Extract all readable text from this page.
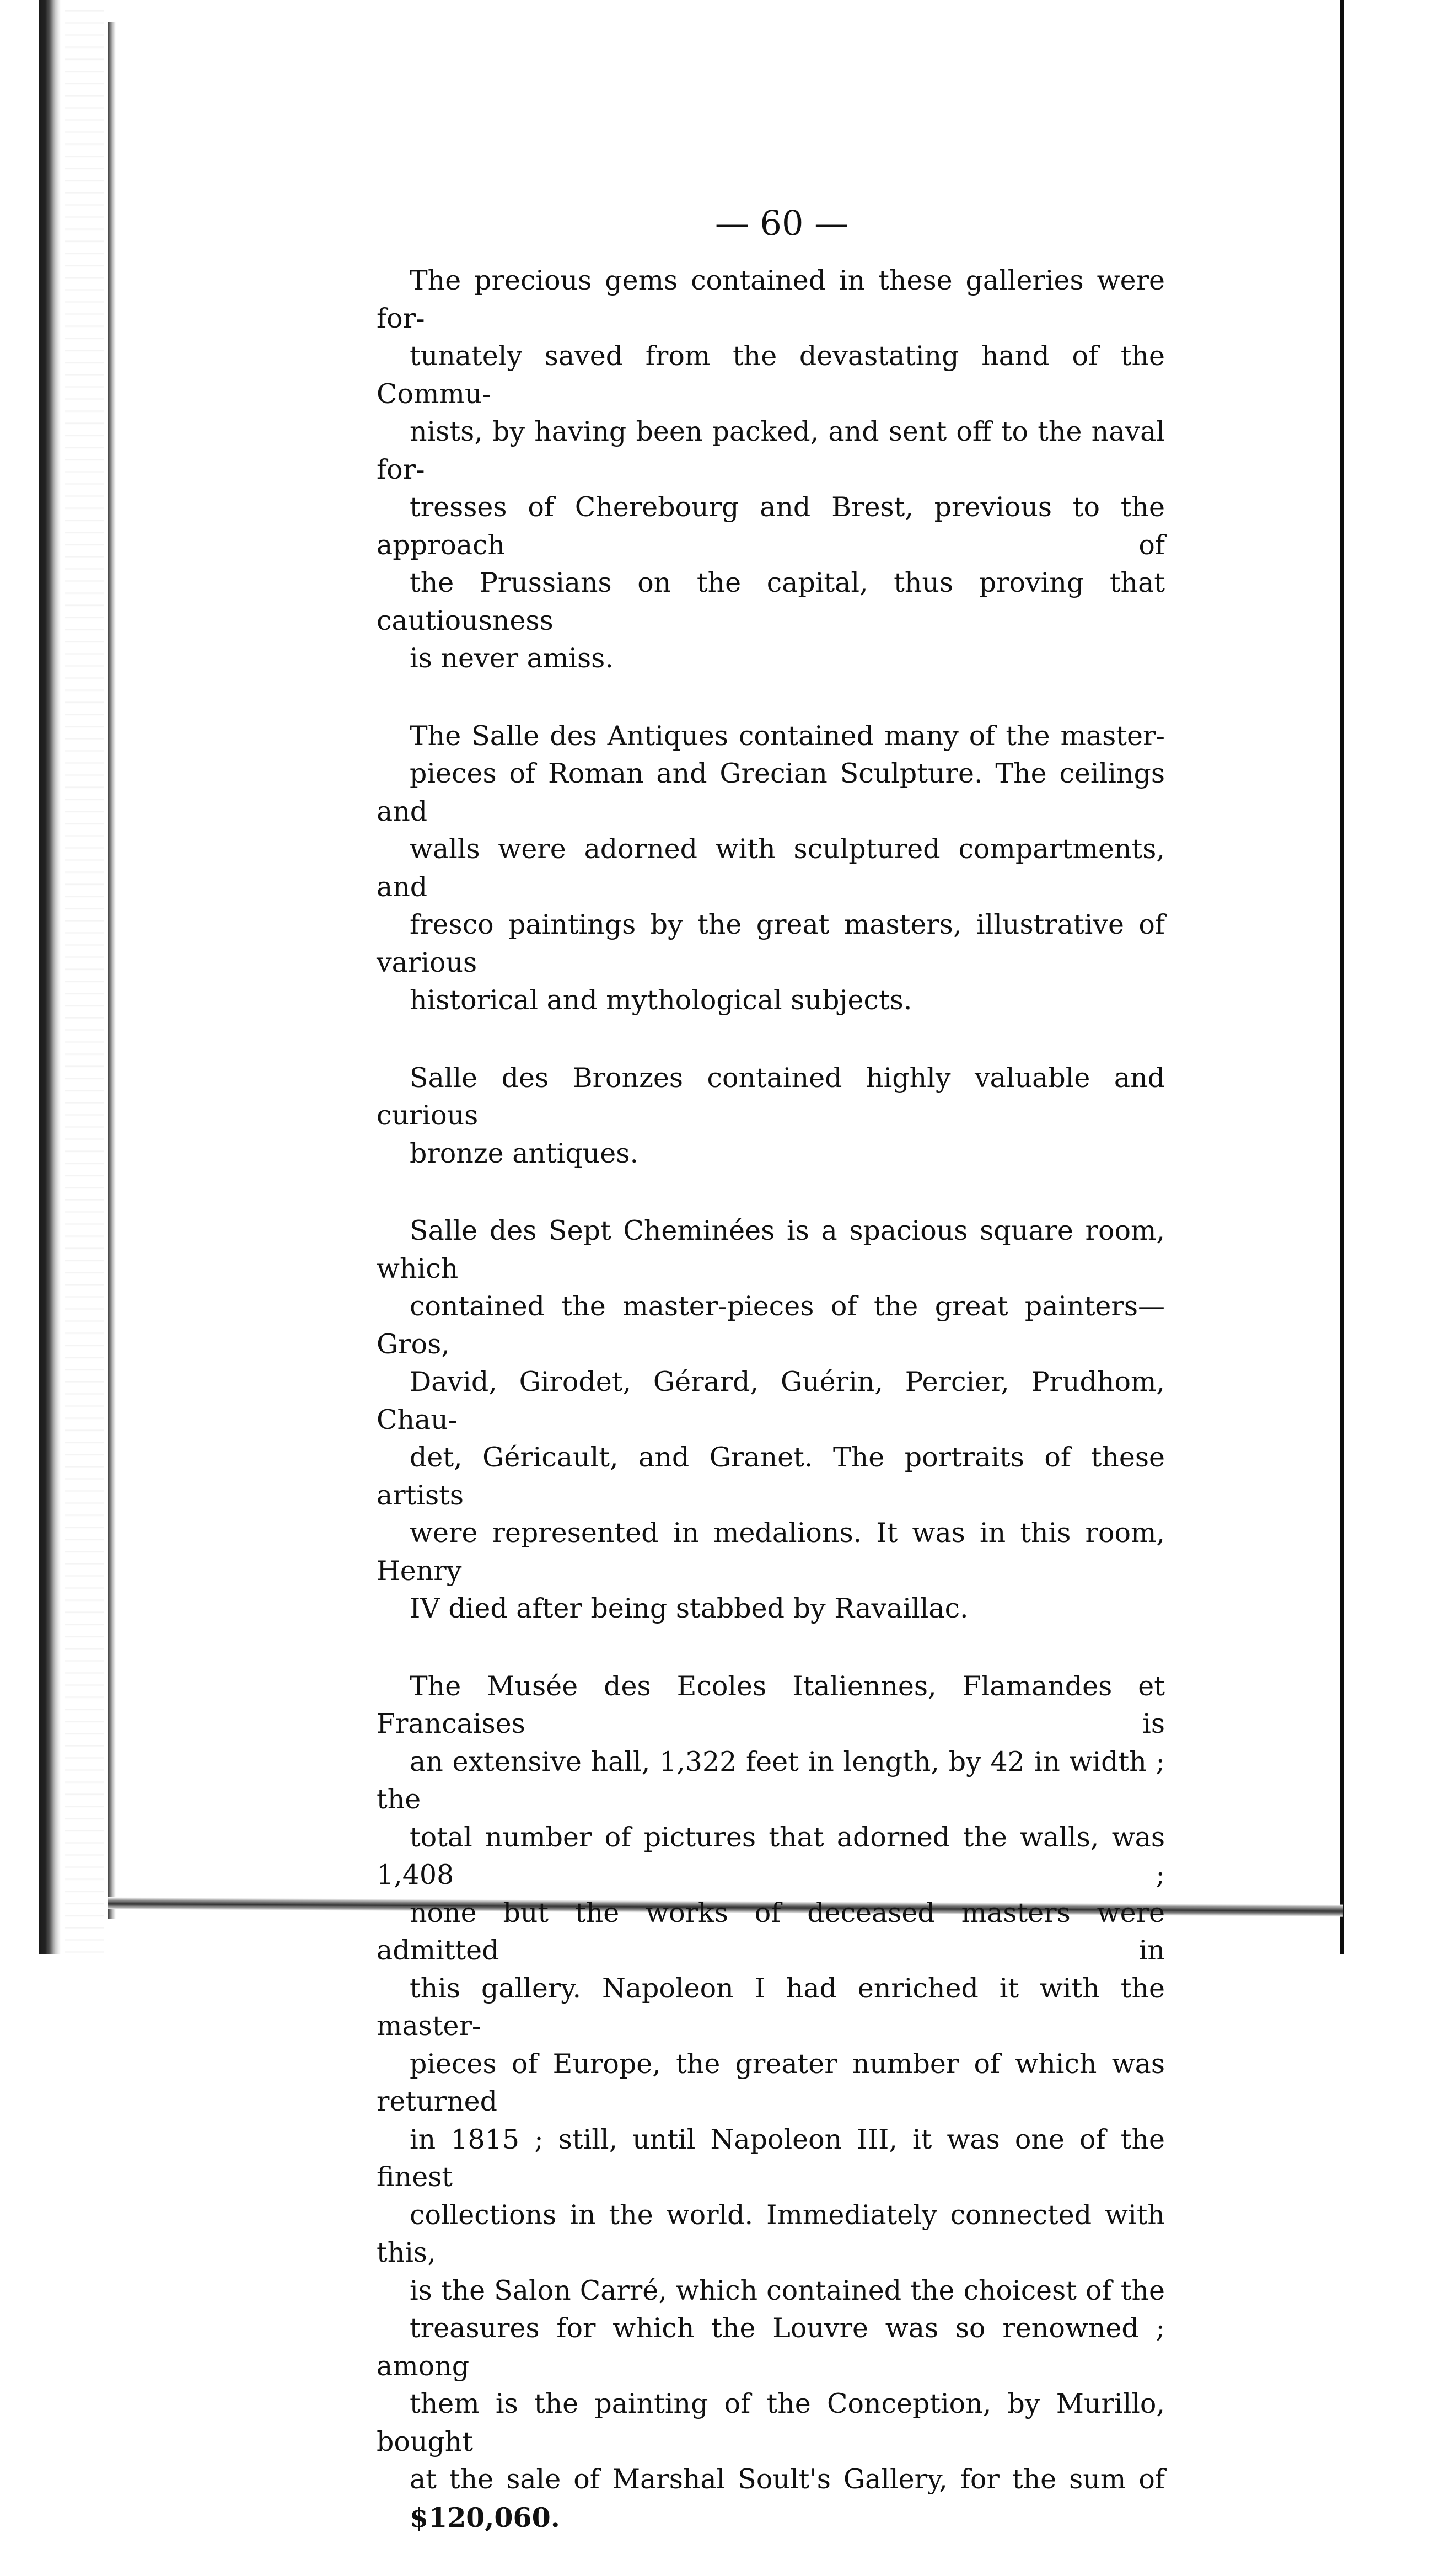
— 60 —
The precious gems contained in these galleries were for-
tunately saved from the devastating hand of the Commu-
nists, by having been packed, and sent off to the naval for-
tresses of Cherebourg and Brest, previous to the approach of
the Prussians on the capital, thus proving that cautiousness
is never amiss.
The Salle des Antiques contained many of the master-
pieces of Roman and Grecian Sculpture. The ceilings and
walls were adorned with sculptured compartments, and
fresco paintings by the great masters, illustrative of various
historical and mythological subjects.
Salle des Bronzes contained highly valuable and curious
bronze antiques.
Salle des Sept Cheminées is a spacious square room, which
contained the master-pieces of the great painters—Gros,
David, Girodet, Gérard, Guérin, Percier, Prudhom, Chau-
det, Géricault, and Granet. The portraits of these artists
were represented in medalions. It was in this room, Henry
IV died after being stabbed by Ravaillac.
The Musée des Ecoles Italiennes, Flamandes et Francaises is
an extensive hall, 1,322 feet in length, by 42 in width ; the
total number of pictures that adorned the walls, was 1,408 ;
none but the works of deceased masters were admitted in
this gallery. Napoleon I had enriched it with the master-
pieces of Europe, the greater number of which was returned
in 1815 ; still, until Napoleon III, it was one of the finest
collections in the world. Immediately connected with this,
is the Salon Carré, which contained the choicest of the
treasures for which the Louvre was so renowned ; among
them is the painting of the Conception, by Murillo, bought
at the sale of Marshal Soult's Gallery, for the sum of
$120,060.
